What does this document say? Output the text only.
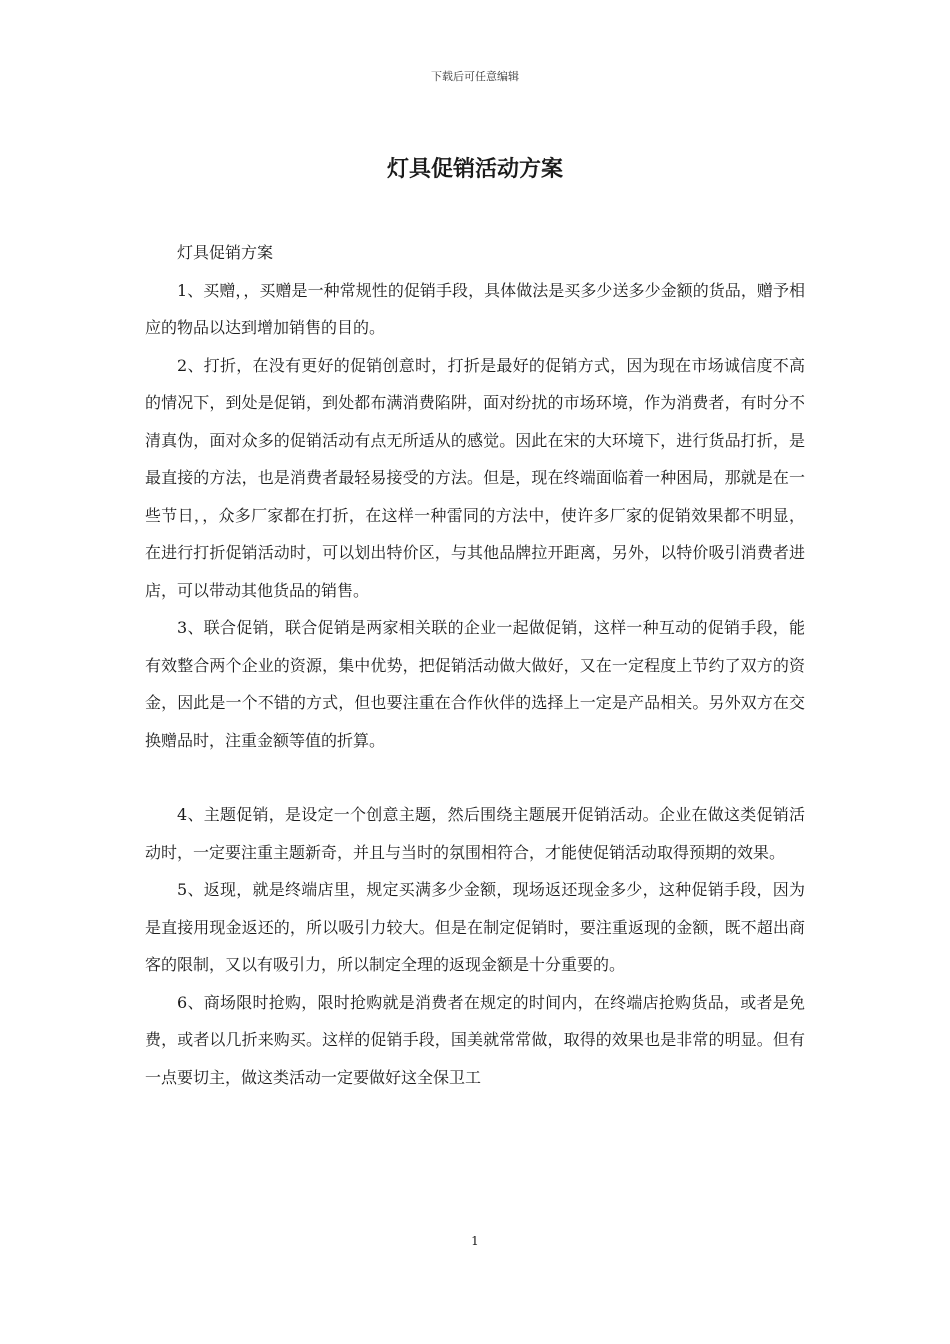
下载后可任意编辑
灯具促销活动方案

灯具促销方案

1、买赠，，买赠是一种常规性的促销手段，具体做法是买多少送多少金额的货品，赠予相应的物品以达到增加销售的目的。

2、打折，在没有更好的促销创意时，打折是最好的促销方式，因为现在市场诚信度不高的情况下，到处是促销，到处都布满消费陷阱，面对纷扰的市场环境，作为消费者，有时分不清真伪，面对众多的促销活动有点无所适从的感觉。因此在宋的大环境下，进行货品打折，是最直接的方法，也是消费者最轻易接受的方法。但是，现在终端面临着一种困局，那就是在一些节日，，众多厂家都在打折，在这样一种雷同的方法中，使许多厂家的促销效果都不明显，在进行打折促销活动时，可以划出特价区，与其他品牌拉开距离，另外，以特价吸引消费者进店，可以带动其他货品的销售。

3、联合促销，联合促销是两家相关联的企业一起做促销，这样一种互动的促销手段，能有效整合两个企业的资源，集中优势，把促销活动做大做好，又在一定程度上节约了双方的资金，因此是一个不错的方式，但也要注重在合作伙伴的选择上一定是产品相关。另外双方在交换赠品时，注重金额等值的折算。

4、主题促销，是设定一个创意主题，然后围绕主题展开促销活动。企业在做这类促销活动时，一定要注重主题新奇，并且与当时的氛围相符合，才能使促销活动取得预期的效果。

5、返现，就是终端店里，规定买满多少金额，现场返还现金多少，这种促销手段，因为是直接用现金返还的，所以吸引力较大。但是在制定促销时，要注重返现的金额，既不超出商客的限制，又以有吸引力，所以制定全理的返现金额是十分重要的。

6、商场限时抢购，限时抢购就是消费者在规定的时间内，在终端店抢购货品，或者是免费，或者以几折来购买。这样的促销手段，国美就常常做，取得的效果也是非常的明显。但有一点要切主，做这类活动一定要做好这全保卫工

1
